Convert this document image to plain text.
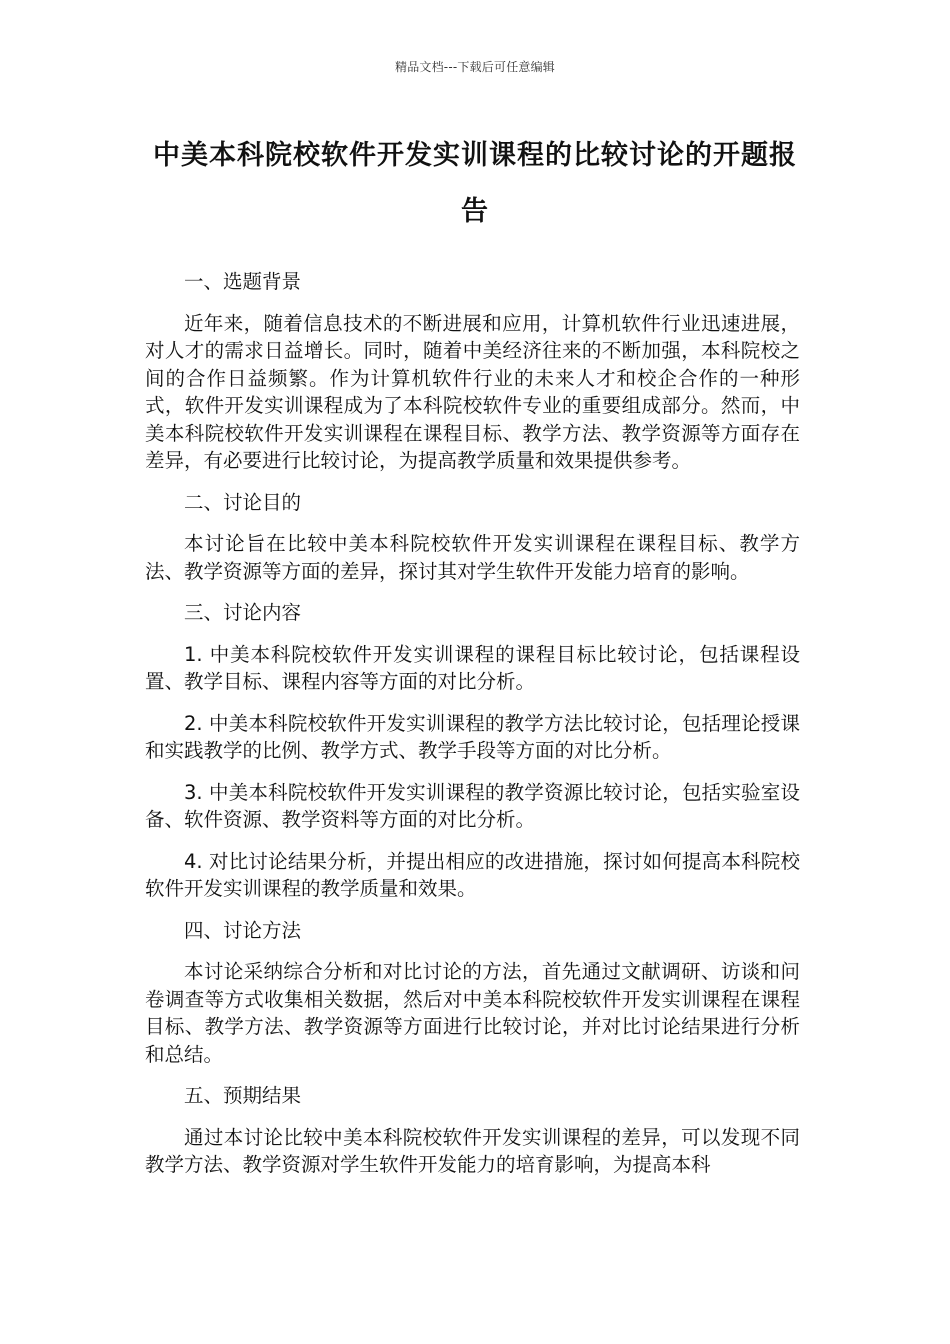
精品文档---下载后可任意编辑
中美本科院校软件开发实训课程的比较讨论的开题报告
一、选题背景

近年来，随着信息技术的不断进展和应用，计算机软件行业迅速进展，对人才的需求日益增长。同时，随着中美经济往来的不断加强，本科院校之间的合作日益频繁。作为计算机软件行业的未来人才和校企合作的一种形式，软件开发实训课程成为了本科院校软件专业的重要组成部分。然而，中美本科院校软件开发实训课程在课程目标、教学方法、教学资源等方面存在差异，有必要进行比较讨论，为提高教学质量和效果提供参考。

二、讨论目的

本讨论旨在比较中美本科院校软件开发实训课程在课程目标、教学方法、教学资源等方面的差异，探讨其对学生软件开发能力培育的影响。

三、讨论内容

1. 中美本科院校软件开发实训课程的课程目标比较讨论，包括课程设置、教学目标、课程内容等方面的对比分析。

2. 中美本科院校软件开发实训课程的教学方法比较讨论，包括理论授课和实践教学的比例、教学方式、教学手段等方面的对比分析。

3. 中美本科院校软件开发实训课程的教学资源比较讨论，包括实验室设备、软件资源、教学资料等方面的对比分析。

4. 对比讨论结果分析，并提出相应的改进措施，探讨如何提高本科院校软件开发实训课程的教学质量和效果。

四、讨论方法

本讨论采纳综合分析和对比讨论的方法，首先通过文献调研、访谈和问卷调查等方式收集相关数据，然后对中美本科院校软件开发实训课程在课程目标、教学方法、教学资源等方面进行比较讨论，并对比讨论结果进行分析和总结。

五、预期结果

通过本讨论比较中美本科院校软件开发实训课程的差异，可以发现不同教学方法、教学资源对学生软件开发能力的培育影响，为提高本科
